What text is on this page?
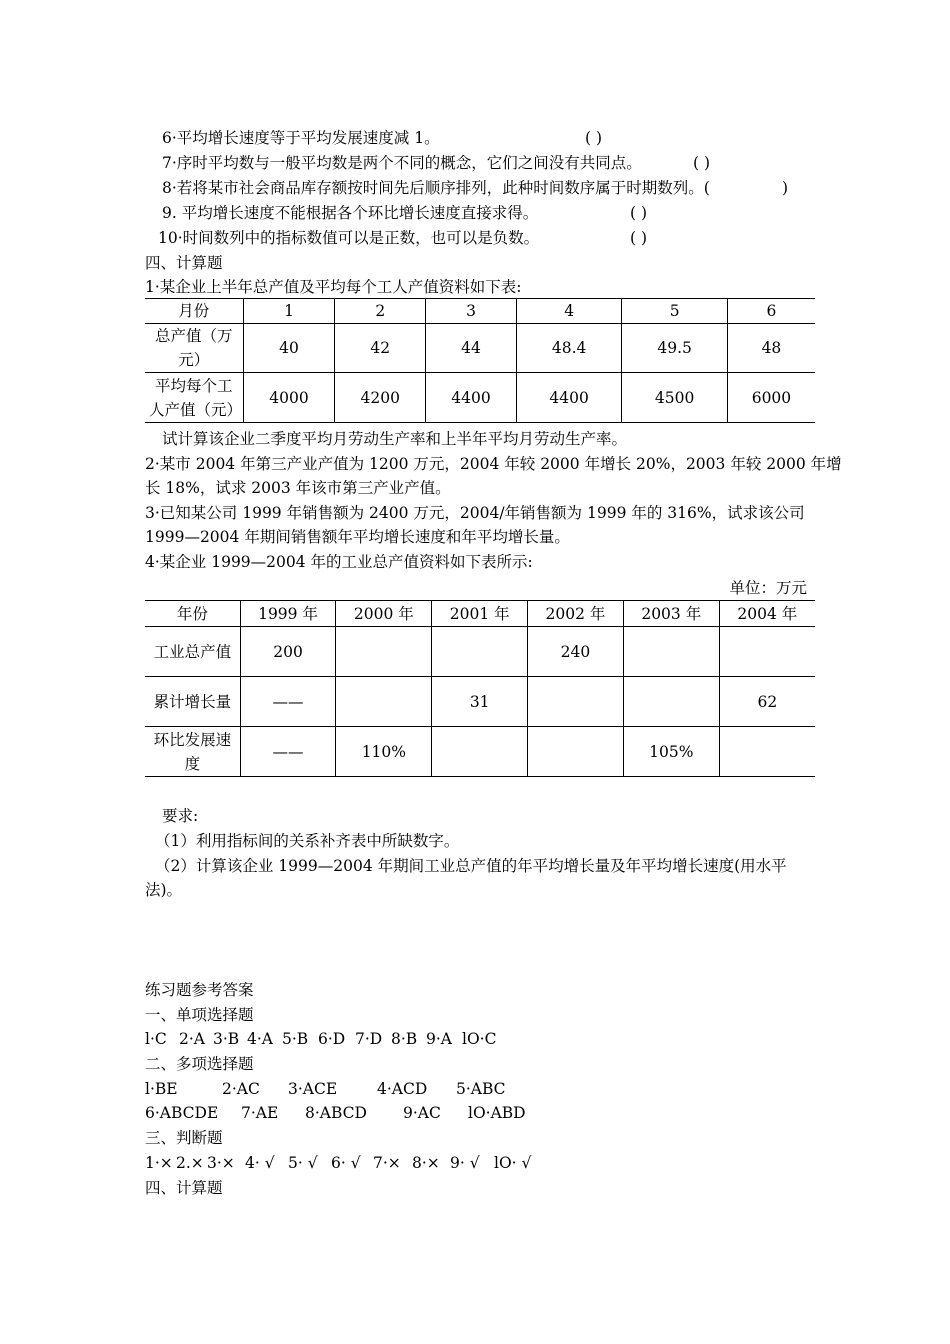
6·平均增长速度等于平均发展速度减 1。	( )
7·序时平均数与一般平均数是两个不同的概念，它们之间没有共同点。	( )
8·若将某市社会商品库存额按时间先后顺序排列，此种时间数序属于时期数列。(	)
9. 平均增长速度不能根据各个环比增长速度直接求得。	( )
10·时间数列中的指标数值可以是正数，也可以是负数。	( )
四、计算题
1·某企业上半年总产值及平均每个工人产值资料如下表:
月份	1	2	3	4	5	6
总产值（万元）	40	42	44	48.4	49.5	48
平均每个工人产值（元）	4000	4200	4400	4400	4500	6000
试计算该企业二季度平均月劳动生产率和上半年平均月劳动生产率。
2·某市 2004 年第三产业产值为 1200 万元，2004 年较 2000 年增长 20%，2003 年较 2000 年增
长 18%，试求 2003 年该市第三产业产值。
3·已知某公司 1999 年销售额为 2400 万元，2004/年销售额为 1999 年的 316%，试求该公司
1999—2004 年期间销售额年平均增长速度和年平均增长量。
4·某企业 1999—2004 年的工业总产值资料如下表所示:
单位：万元
年份	1999 年	2000 年	2001 年	2002 年	2003 年	2004 年
工业总产值	200			240		
累计增长量	——		31			62
环比发展速度	——	110%			105%	
要求:
（1）利用指标间的关系补齐表中所缺数字。
（2）计算该企业 1999—2004 年期间工业总产值的年平均增长量及年平均增长速度(用水平
法)。
练习题参考答案
一、单项选择题
l·C 2·A 3·B 4·A 5·B 6·D 7·D 8·B 9·A lO·C
二、多项选择题
l·BE	2·AC 3·ACE	4·ACD 5·ABC
6·ABCDE 7·AE 8·ABCD 9·AC lO·ABD
三、判断题
1·× 2.× 3·× 4· √ 5· √ 6· √ 7·× 8·× 9· √ lO· √
四、计算题
